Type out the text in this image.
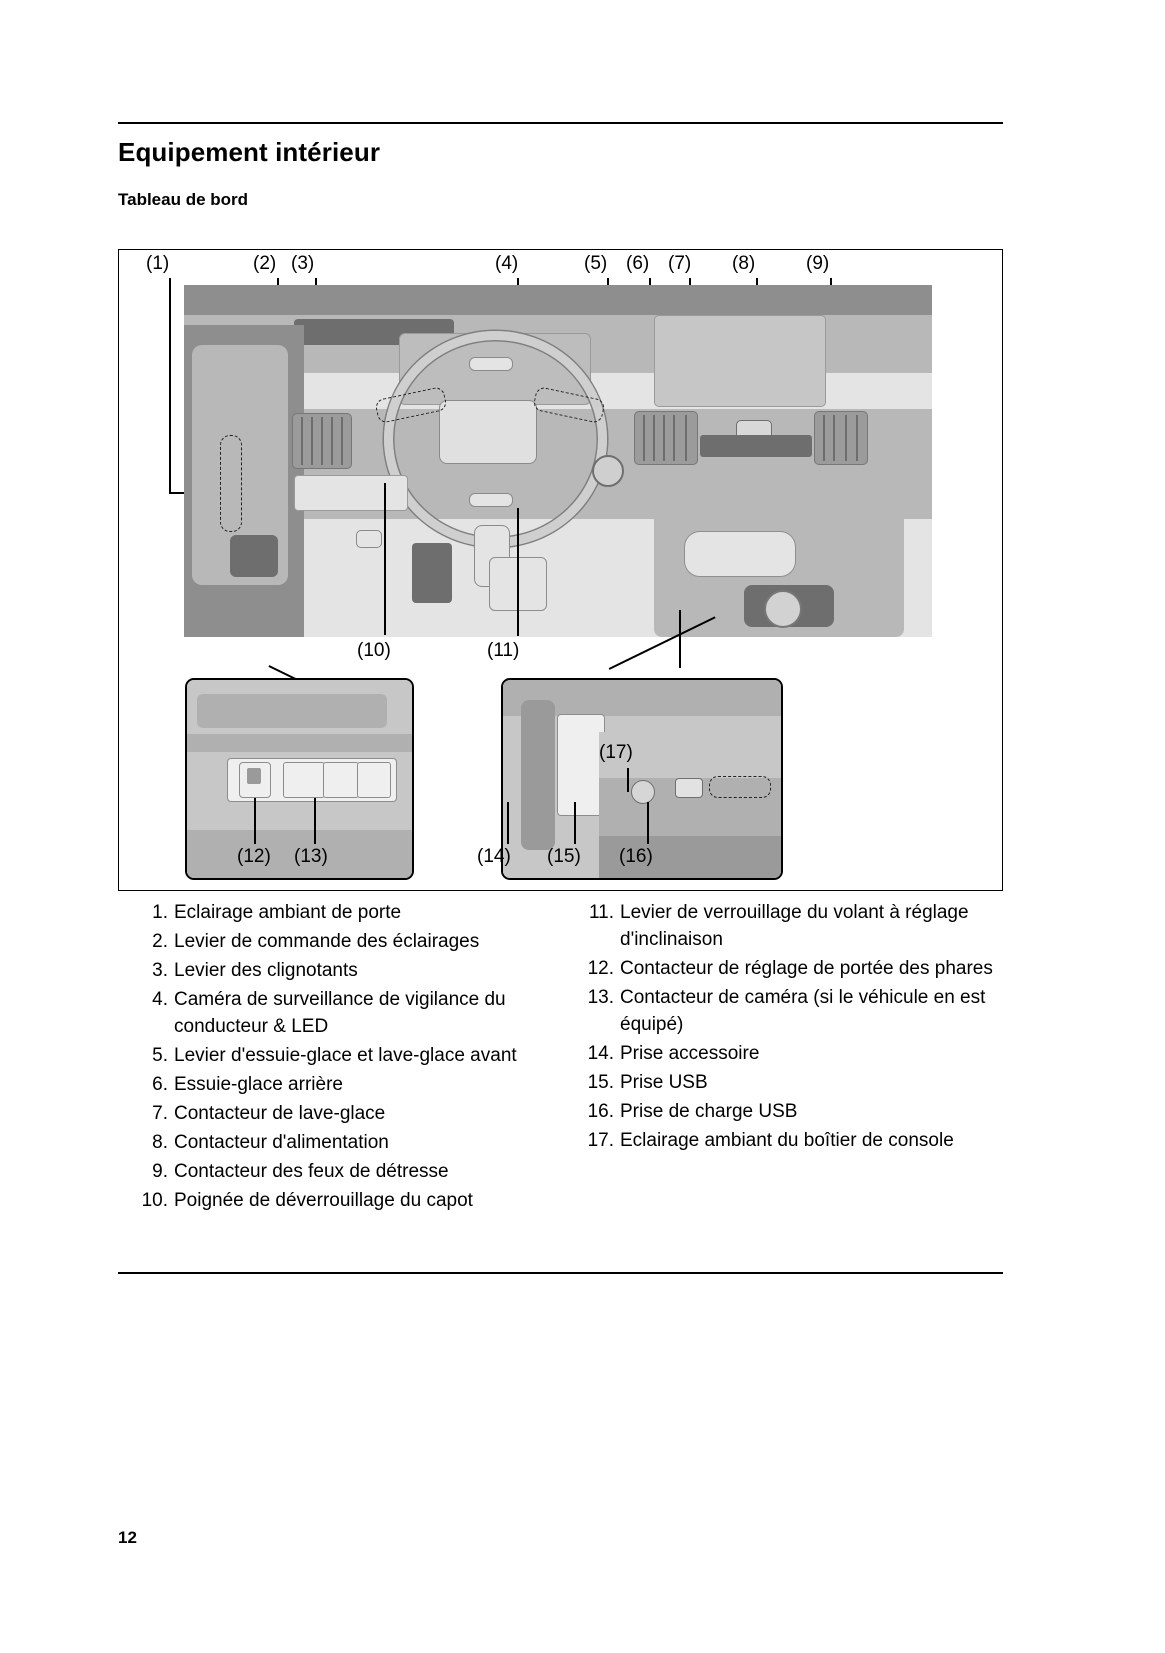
Equipement intérieur
Tableau de bord
(1)	(2) (3)	(4)	(5) (6) (7) (8)	(9)
(10)	(11)
(12) (13)
(17)
(14) (15) (16)
1. Eclairage ambiant de porte
2. Levier de commande des éclairages
3. Levier des clignotants
4. Caméra de surveillance de vigilance du conducteur & LED
5. Levier d'essuie-glace et lave-glace avant
6. Essuie-glace arrière
7. Contacteur de lave-glace
8. Contacteur d'alimentation
9. Contacteur des feux de détresse
10. Poignée de déverrouillage du capot
11. Levier de verrouillage du volant à réglage d'inclinaison
12. Contacteur de réglage de portée des phares
13. Contacteur de caméra (si le véhicule en est équipé)
14. Prise accessoire
15. Prise USB
16. Prise de charge USB
17. Eclairage ambiant du boîtier de console
12
